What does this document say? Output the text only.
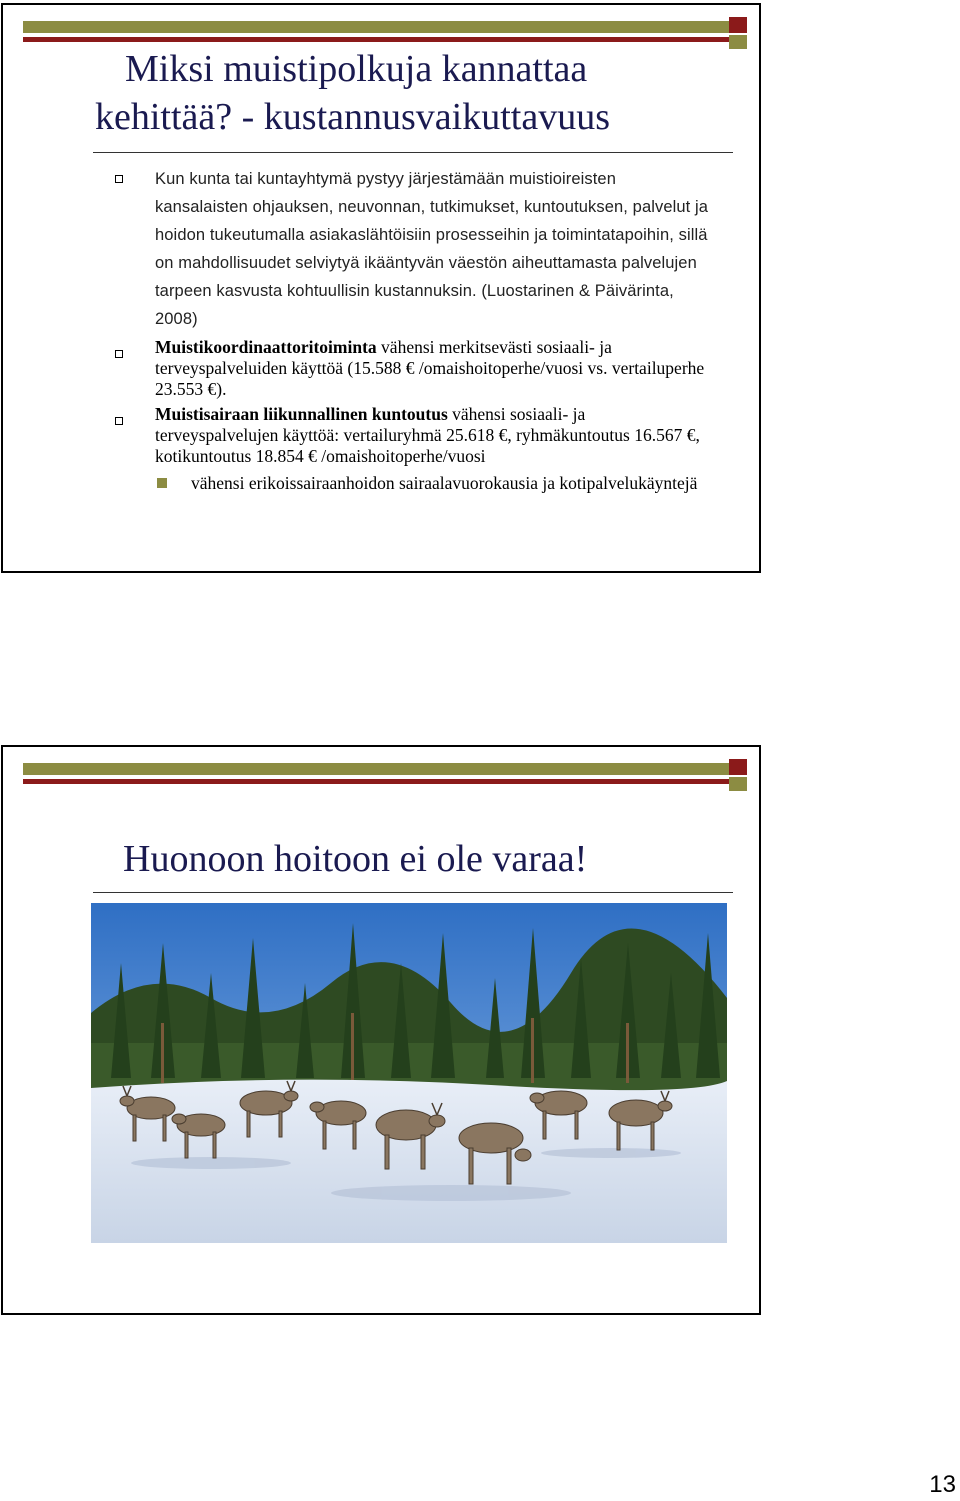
Miksi muistipolkuja kannattaa
kehittää? - kustannusvaikuttavuus
Kun kunta tai kuntayhtymä pystyy järjestämään muistioireisten kansalaisten ohjauksen, neuvonnan, tutkimukset, kuntoutuksen, palvelut ja hoidon tukeutumalla asiakaslähtöisiin prosesseihin ja toimintatapoihin, sillä on mahdollisuudet selviytyä ikääntyvän väestön aiheuttamasta palvelujen tarpeen kasvusta kohtuullisin kustannuksin. (Luostarinen & Päivärinta, 2008)
Muistikoordinaattoritoiminta vähensi merkitsevästi sosiaali- ja terveyspalveluiden käyttöä (15.588 € /omaishoitoperhe/vuosi vs. vertailuperhe 23.553 €).
Muistisairaan liikunnallinen kuntoutus vähensi sosiaali- ja terveyspalvelujen käyttöä: vertailuryhmä 25.618 €, ryhmäkuntoutus 16.567 €, kotikuntoutus 18.854 € /omaishoitoperhe/vuosi
vähensi erikoissairaanhoidon sairaalavuorokausia ja kotipalvelukäyntejä
Huonoon hoitoon ei ole varaa!
13
